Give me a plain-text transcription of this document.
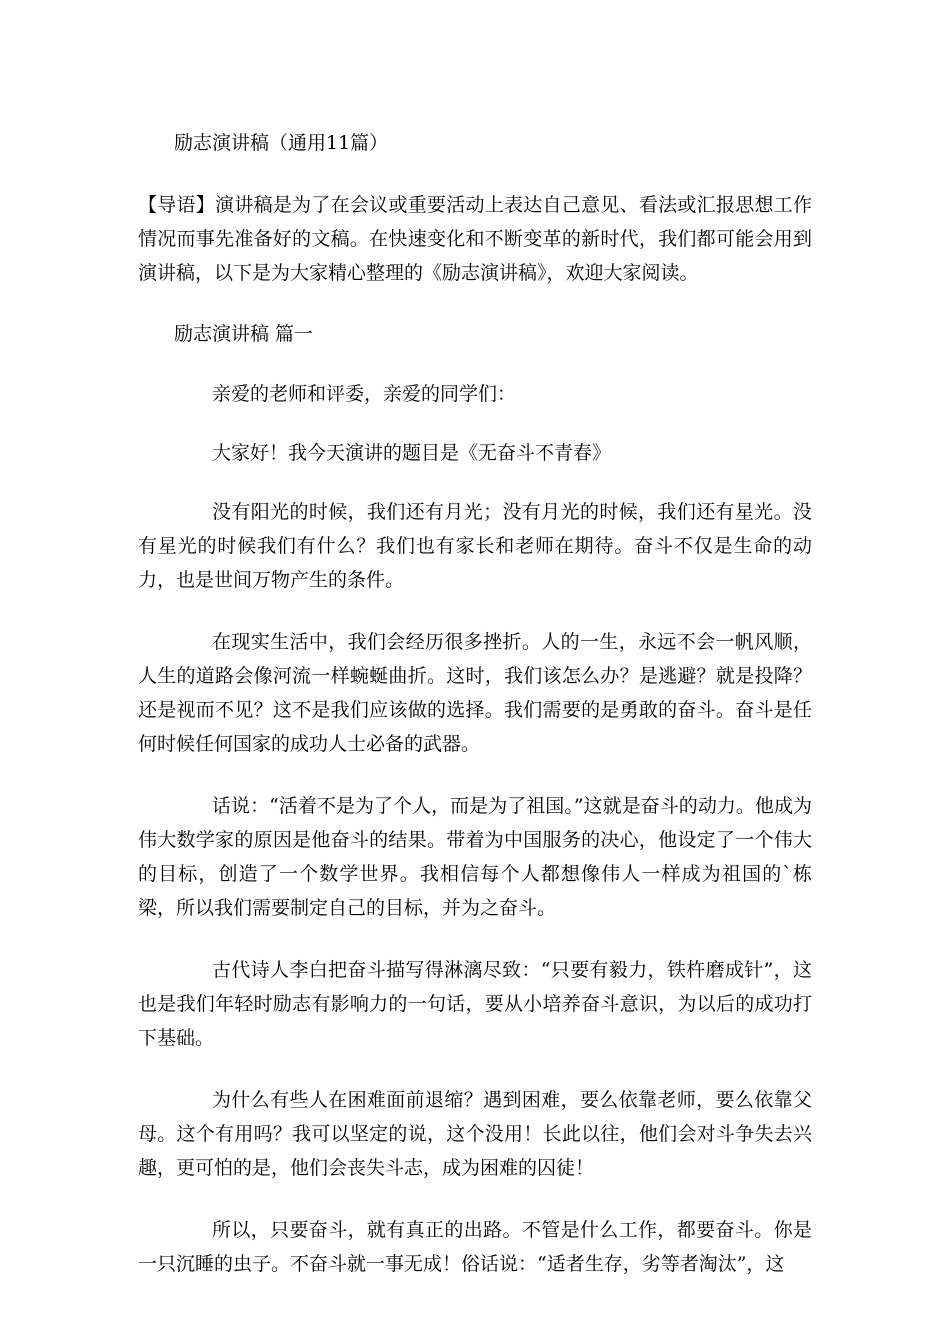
励志演讲稿（通用11篇）

【导语】演讲稿是为了在会议或重要活动上表达自己意见、看法或汇报思想工作情况而事先准备好的文稿。在快速变化和不断变革的新时代，我们都可能会用到演讲稿，以下是为大家精心整理的《励志演讲稿》，欢迎大家阅读。

励志演讲稿 篇一

亲爱的老师和评委，亲爱的同学们：

大家好！我今天演讲的题目是《无奋斗不青春》

没有阳光的时候，我们还有月光；没有月光的时候，我们还有星光。没有星光的时候我们有什么？我们也有家长和老师在期待。奋斗不仅是生命的动力，也是世间万物产生的条件。

在现实生活中，我们会经历很多挫折。人的一生，永远不会一帆风顺，人生的道路会像河流一样蜿蜒曲折。这时，我们该怎么办？是逃避？就是投降？还是视而不见？这不是我们应该做的选择。我们需要的是勇敢的奋斗。奋斗是任何时候任何国家的成功人士必备的武器。

话说：“活着不是为了个人，而是为了祖国。”这就是奋斗的动力。他成为伟大数学家的原因是他奋斗的结果。带着为中国服务的决心，他设定了一个伟大的目标，创造了一个数学世界。我相信每个人都想像伟人一样成为祖国的`栋梁，所以我们需要制定自己的目标，并为之奋斗。

古代诗人李白把奋斗描写得淋漓尽致：“只要有毅力，铁杵磨成针”，这也是我们年轻时励志有影响力的一句话，要从小培养奋斗意识，为以后的成功打下基础。

为什么有些人在困难面前退缩？遇到困难，要么依靠老师，要么依靠父母。这个有用吗？我可以坚定的说，这个没用！长此以往，他们会对斗争失去兴趣，更可怕的是，他们会丧失斗志，成为困难的囚徒！

所以，只要奋斗，就有真正的出路。不管是什么工作，都要奋斗。你是一只沉睡的虫子。不奋斗就一事无成！俗话说：“适者生存，劣等者淘汰”，这
